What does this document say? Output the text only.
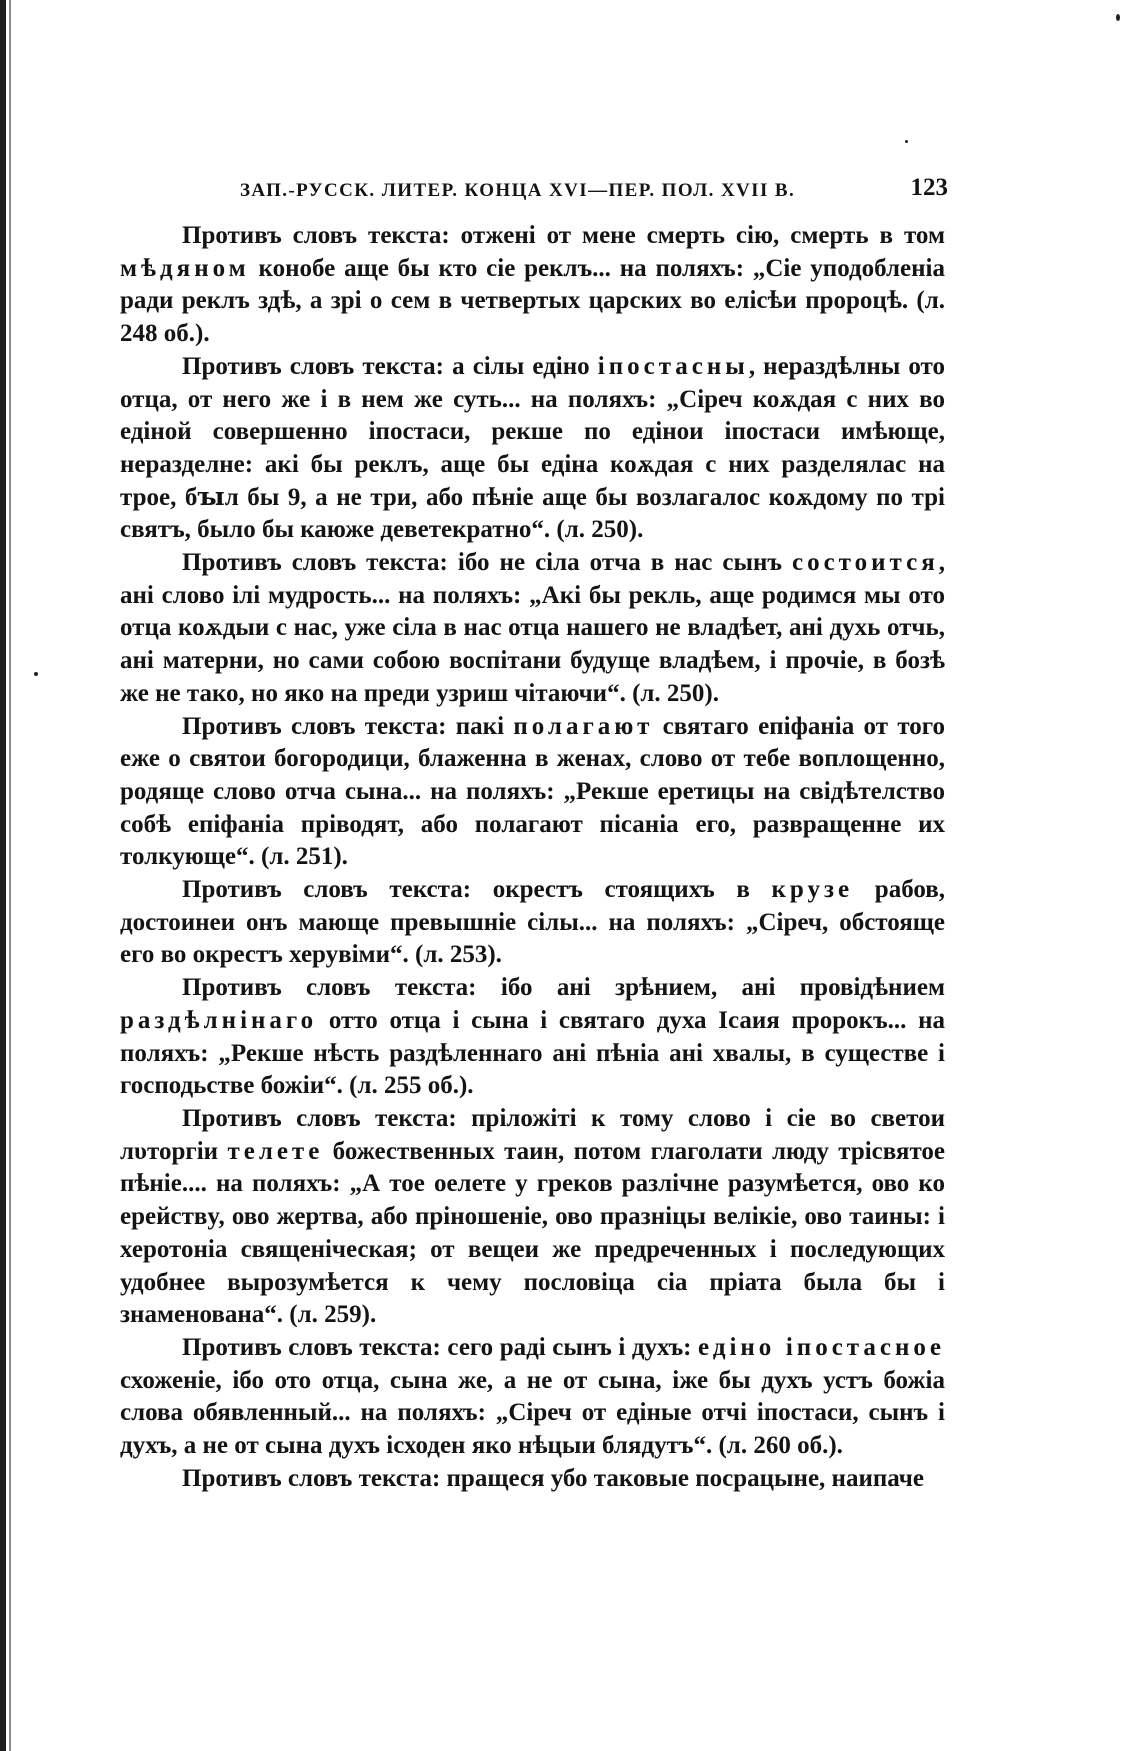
ЗАП.-РУССК. ЛИТЕР. КОНЦА XVI—ПЕР. ПОЛ. XVII В.	123

Противъ словъ текста: отжені от мене смерть сію, смерть в том мѣдяном конобе аще бы кто сіе реклъ... на поляхъ: „Сіе уподобленіа ради реклъ здѣ, а зрі о сем в четвертых царских во елісѣи пророцѣ. (л. 248 об.).

Противъ словъ текста: а сілы едіно іпостасны, нераздѣлны ото отца, от него же і в нем же суть... на поляхъ: „Сіреч коѫдая с них во едіной совершенно іпостаси, рекше по едінои іпостаси имѣюще, неразделне: акі бы реклъ, аще бы едіна коѫдая с них разделялас на трое, бꙑл бы 9, а не три, або пѣніе аще бы возлагалос коѫдому по трі святъ, было бы каюже деветекратно“. (л. 250).

Противъ словъ текста: ібо не сіла отча в нас сынъ состоится, ані слово ілі мудрость... на поляхъ: „Акі бы рекль, аще родимся мы ото отца коѫдыи с нас, уже сіла в нас отца нашего не владѣет, ані духь отчь, ані матерни, но сами собою воспітани будуще владѣем, і прочіе, в бозѣ же не тако, но яко на преди узриш чітаючи“. (л. 250).

Противъ словъ текста: пакі полагают святаго епіфаніа от того еже о святои богородици, блаженна в женах, слово от тебе воплощенно, родяще слово отча сына... на поляхъ: „Рекше еретицы на свідѣтелство собѣ епіфаніа пріводят, або полагают пісаніа его, развращенне их толкующе“. (л. 251).

Противъ словъ текста: окрестъ стоящихъ в крузе рабов, достоинеи онъ мающе превышніе сілы... на поляхъ: „Сіреч, обстояще его во окрестъ херувіми“. (л. 253).

Противъ словъ текста: ібо ані зрѣнием, ані провідѣнием раздѣлнінаго отто отца і сына і святаго духа Ісаия пророкъ... на поляхъ: „Рекше нѣсть раздѣленнаго ані пѣніа ані хвалы, в существе і господьстве божіи“. (л. 255 об.).

Противъ словъ текста: пріложіті к тому слово і сіе во светои лυторгіи телете божественных таин, потом глаголати люду трісвятое пѣніе.... на поляхъ: „А тое оелете у греков разлічне разумѣется, ово ко ерействy, ово жертва, або пріношеніе, ово празніцы велікіе, ово таины: і херотоніа священіческая; от вещеи же предреченных і последующих удобнее вырозумѣется к чему пословіца сіа пріата была бы і знаменована“. (л. 259).

Противъ словъ текста: сего раді сынъ і духъ: едіно іпостасное схоженіе, ібо ото отца, сына же, а не от сына, іже бы духъ устъ божіа слова обявленный... на поляхъ: „Сіреч от едіные отчі іпостаси, сынъ і духъ, а не от сына духъ ісходен яко нѣцыи блядутъ“. (л. 260 об.).

Противъ словъ текста: пращеся убо таковые посрацыне, наипаче
